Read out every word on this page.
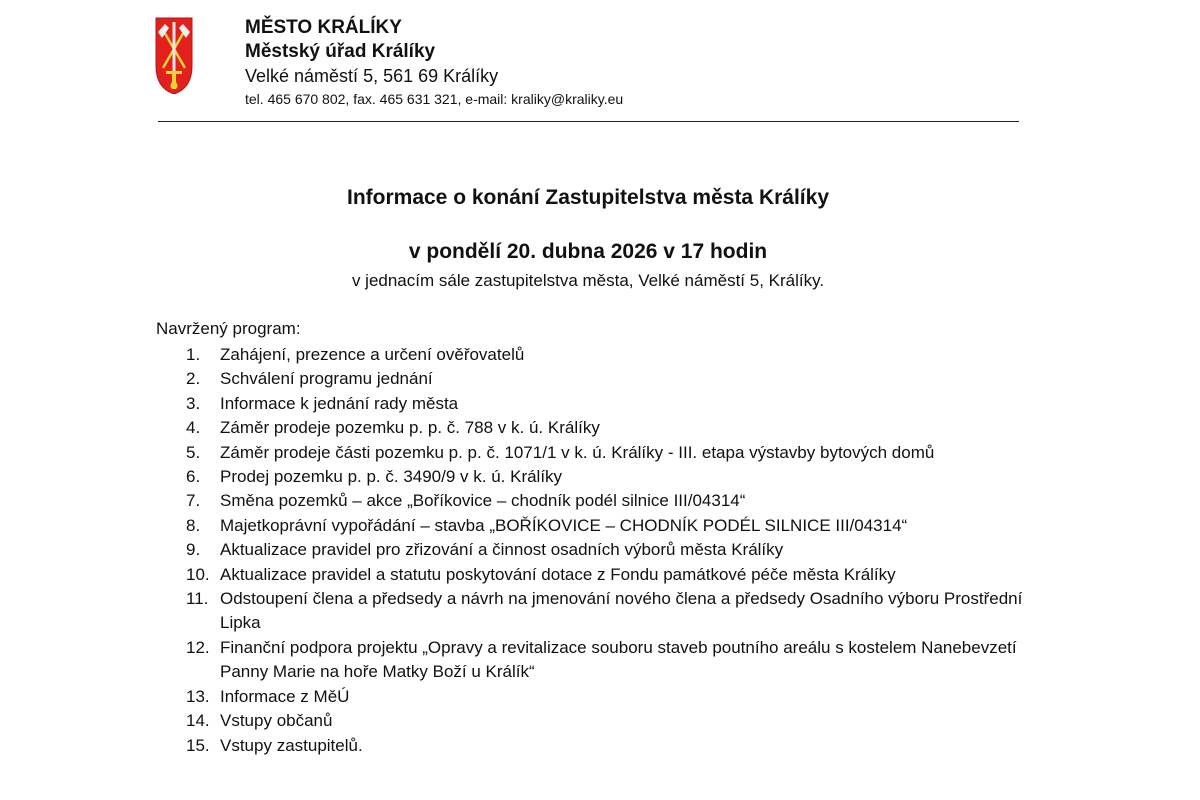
MĚSTO KRÁLÍKY

Městský úřad Králíky

Velké náměstí 5, 561 69 Králíky

tel. 465 670 802, fax. 465 631 321, e-mail: kraliky@kraliky.eu

Informace o konání Zastupitelstva města Králíky
v pondělí 20. dubna 2026 v 17 hodin

v jednacím sále zastupitelstva města, Velké náměstí 5, Králíky.

Navržený program:

1.	Zahájení, prezence a určení ověřovatelů
2.	Schválení programu jednání
3.	Informace k jednání rady města
4.	Záměr prodeje pozemku p. p. č. 788 v k. ú. Králíky
5.	Záměr prodeje části pozemku p. p. č. 1071/1 v k. ú. Králíky - III. etapa výstavby bytových domů
6.	Prodej pozemku p. p. č. 3490/9 v k. ú. Králíky
7.	Směna pozemků – akce „Boříkovice – chodník podél silnice III/04314“
8.	Majetkoprávní vypořádání – stavba „BOŘÍKOVICE – CHODNÍK PODÉL SILNICE III/04314“
9.	Aktualizace pravidel pro zřizování a činnost osadních výborů města Králíky
10. Aktualizace pravidel a statutu poskytování dotace z Fondu památkové péče města Králíky
11. Odstoupení člena a předsedy a návrh na jmenování nového člena a předsedy Osadního výboru Prostřední Lipka
12. Finanční podpora projektu „Opravy a revitalizace souboru staveb poutního areálu s kostelem Nanebevzetí Panny Marie na hoře Matky Boží u Králík“
13. Informace z MěÚ
14. Vstupy občanů
15. Vstupy zastupitelů.
